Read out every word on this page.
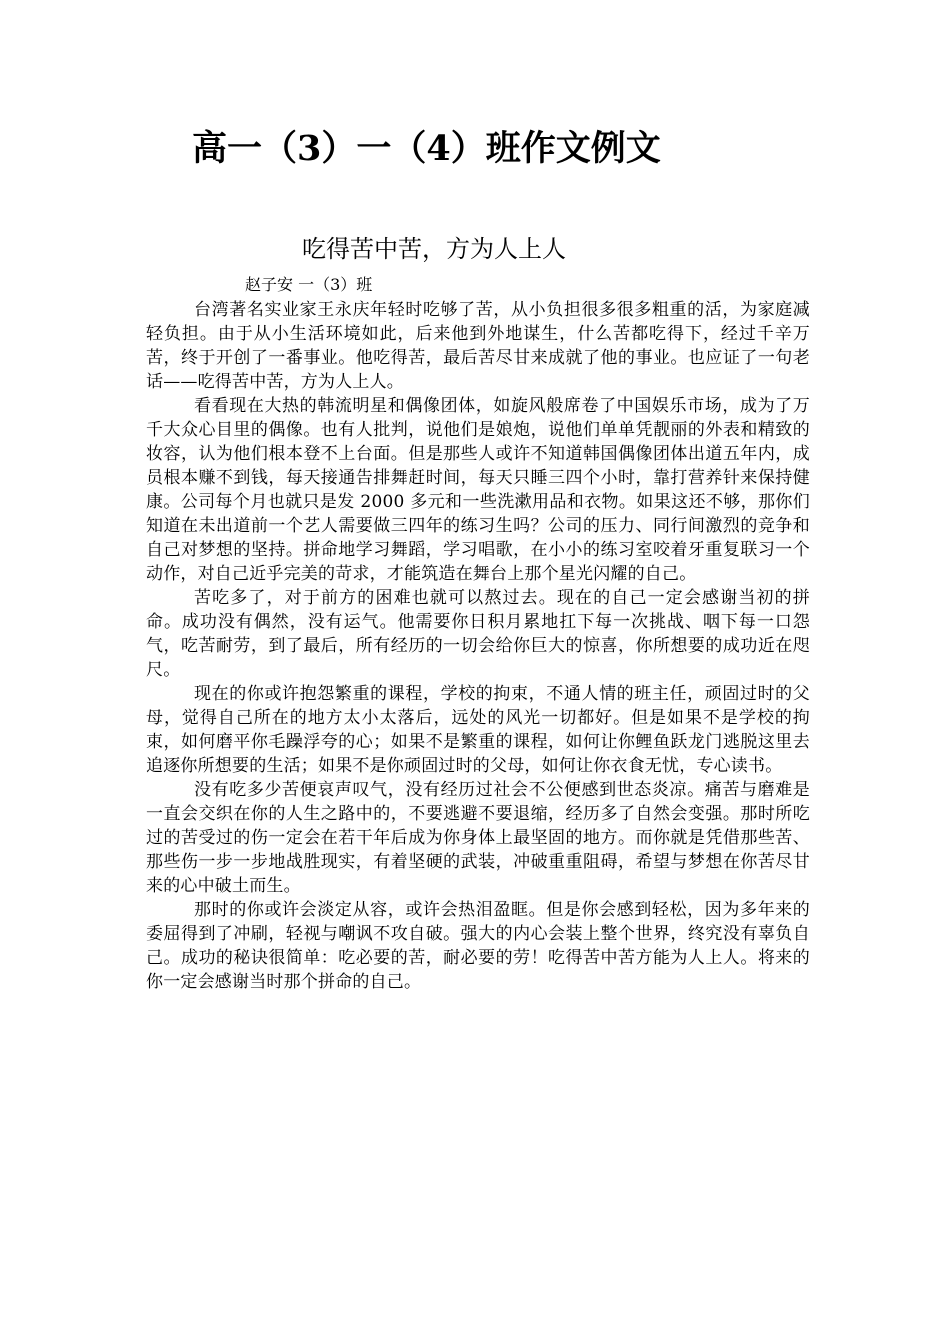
高一（3）一（4）班作文例文
吃得苦中苦，方为人上人

赵子安 一（3）班

台湾著名实业家王永庆年轻时吃够了苦，从小负担很多很多粗重的活，为家庭减轻负担。由于从小生活环境如此，后来他到外地谋生，什么苦都吃得下，经过千辛万苦，终于开创了一番事业。他吃得苦，最后苦尽甘来成就了他的事业。也应证了一句老话——吃得苦中苦，方为人上人。

看看现在大热的韩流明星和偶像团体，如旋风般席卷了中国娱乐市场，成为了万千大众心目里的偶像。也有人批判，说他们是娘炮，说他们单单凭靓丽的外表和精致的妆容，认为他们根本登不上台面。但是那些人或许不知道韩国偶像团体出道五年内，成员根本赚不到钱，每天接通告排舞赶时间，每天只睡三四个小时，靠打营养针来保持健康。公司每个月也就只是发 2000 多元和一些洗漱用品和衣物。如果这还不够，那你们知道在未出道前一个艺人需要做三四年的练习生吗？公司的压力、同行间激烈的竞争和自己对梦想的坚持。拼命地学习舞蹈，学习唱歌，在小小的练习室咬着牙重复联习一个动作，对自己近乎完美的苛求，才能筑造在舞台上那个星光闪耀的自己。

苦吃多了，对于前方的困难也就可以熬过去。现在的自己一定会感谢当初的拼命。成功没有偶然，没有运气。他需要你日积月累地扛下每一次挑战、咽下每一口怨气，吃苦耐劳，到了最后，所有经历的一切会给你巨大的惊喜，你所想要的成功近在咫尺。

现在的你或许抱怨繁重的课程，学校的拘束，不通人情的班主任，顽固过时的父母，觉得自己所在的地方太小太落后，远处的风光一切都好。但是如果不是学校的拘束，如何磨平你毛躁浮夸的心；如果不是繁重的课程，如何让你鲤鱼跃龙门逃脱这里去追逐你所想要的生活；如果不是你顽固过时的父母，如何让你衣食无忧，专心读书。

没有吃多少苦便哀声叹气，没有经历过社会不公便感到世态炎凉。痛苦与磨难是一直会交织在你的人生之路中的，不要逃避不要退缩，经历多了自然会变强。那时所吃过的苦受过的伤一定会在若干年后成为你身体上最坚固的地方。而你就是凭借那些苦、那些伤一步一步地战胜现实，有着坚硬的武装，冲破重重阻碍，希望与梦想在你苦尽甘来的心中破土而生。

那时的你或许会淡定从容，或许会热泪盈眶。但是你会感到轻松，因为多年来的委屈得到了冲刷，轻视与嘲讽不攻自破。强大的内心会装上整个世界，终究没有辜负自己。成功的秘诀很简单：吃必要的苦，耐必要的劳！吃得苦中苦方能为人上人。将来的你一定会感谢当时那个拼命的自己。
